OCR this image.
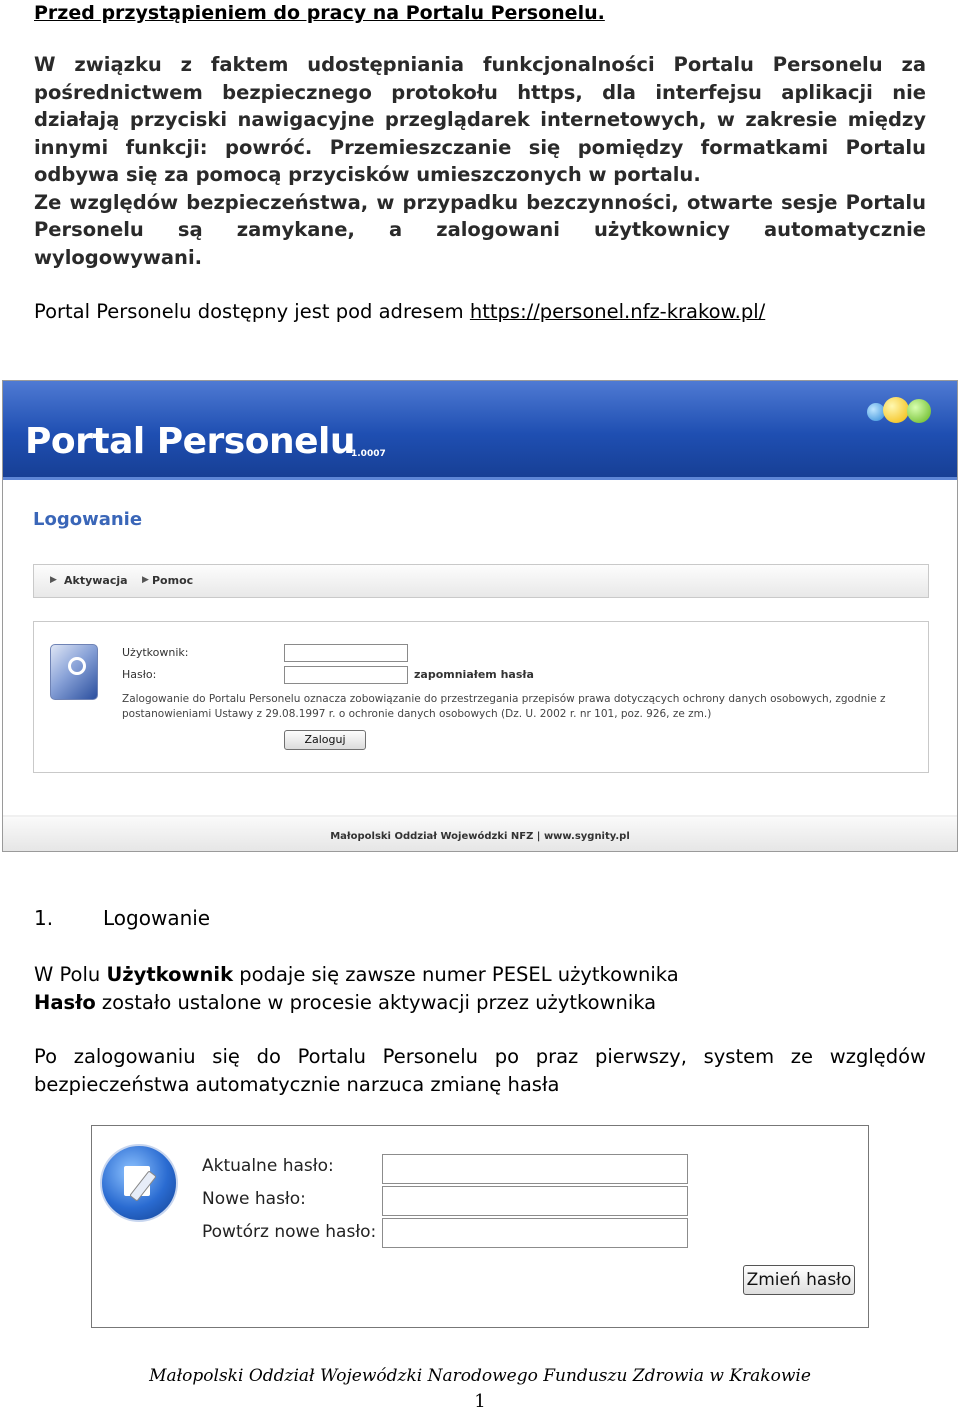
Przed przystąpieniem do pracy na Portalu Personelu.
W związku z faktem udostępniania funkcjonalności Portalu Personelu za pośrednictwem bezpiecznego protokołu https, dla interfejsu aplikacji nie działają przyciski nawigacyjne przeglądarek internetowych, w zakresie między innymi funkcji: powróć. Przemieszczanie się pomiędzy formatkami Portalu odbywa się za pomocą przycisków umieszczonych w portalu.
Ze względów bezpieczeństwa, w przypadku bezczynności, otwarte sesje Portalu Personelu są zamykane, a zalogowani użytkownicy automatycznie wylogowywani.
Portal Personelu dostępny jest pod adresem https://personel.nfz-krakow.pl/
Portal Personelu
1.0007
Logowanie
▶ Aktywacja ▶ Pomoc
Użytkownik:
Hasło:	zapomniałem hasła
Zalogowanie do Portalu Personelu oznacza zobowiązanie do przestrzegania przepisów prawa dotyczących ochrony danych osobowych, zgodnie z postanowieniami Ustawy z 29.08.1997 r. o ochronie danych osobowych (Dz. U. 2002 r. nr 101, poz. 926, ze zm.)
Zaloguj
Małopolski Oddział Wojewódzki NFZ | www.sygnity.pl
1. Logowanie
W Polu Użytkownik podaje się zawsze numer PESEL użytkownika
Hasło zostało ustalone w procesie aktywacji przez użytkownika
Po zalogowaniu się do Portalu Personelu po praz pierwszy, system ze względów bezpieczeństwa automatycznie narzuca zmianę hasła
Aktualne hasło:
Nowe hasło:
Powtórz nowe hasło:
Zmień hasło
Małopolski Oddział Wojewódzki Narodowego Funduszu Zdrowia w Krakowie
1
